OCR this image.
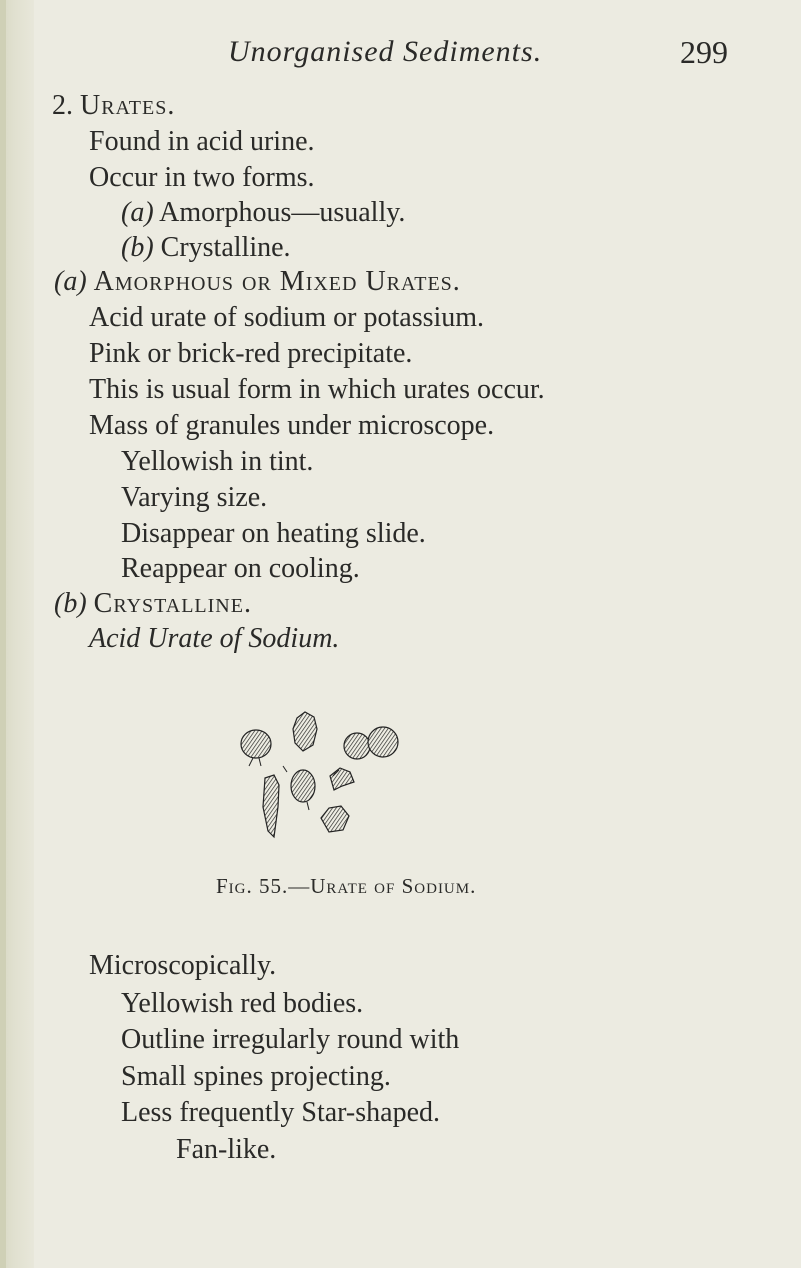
Unorganised Sediments.	299
2. Urates.
Found in acid urine.
Occur in two forms.
(a) Amorphous—usually.
(b) Crystalline.
(a) Amorphous or Mixed Urates.
Acid urate of sodium or potassium.
Pink or brick-red precipitate.
This is usual form in which urates occur.
Mass of granules under microscope.
Yellowish in tint.
Varying size.
Disappear on heating slide.
Reappear on cooling.
(b) Crystalline.
Acid Urate of Sodium.
Fig. 55.—Urate of Sodium.
Microscopically.
Yellowish red bodies.
Outline irregularly round with
Small spines projecting.
Less frequently Star-shaped.
Fan-like.
